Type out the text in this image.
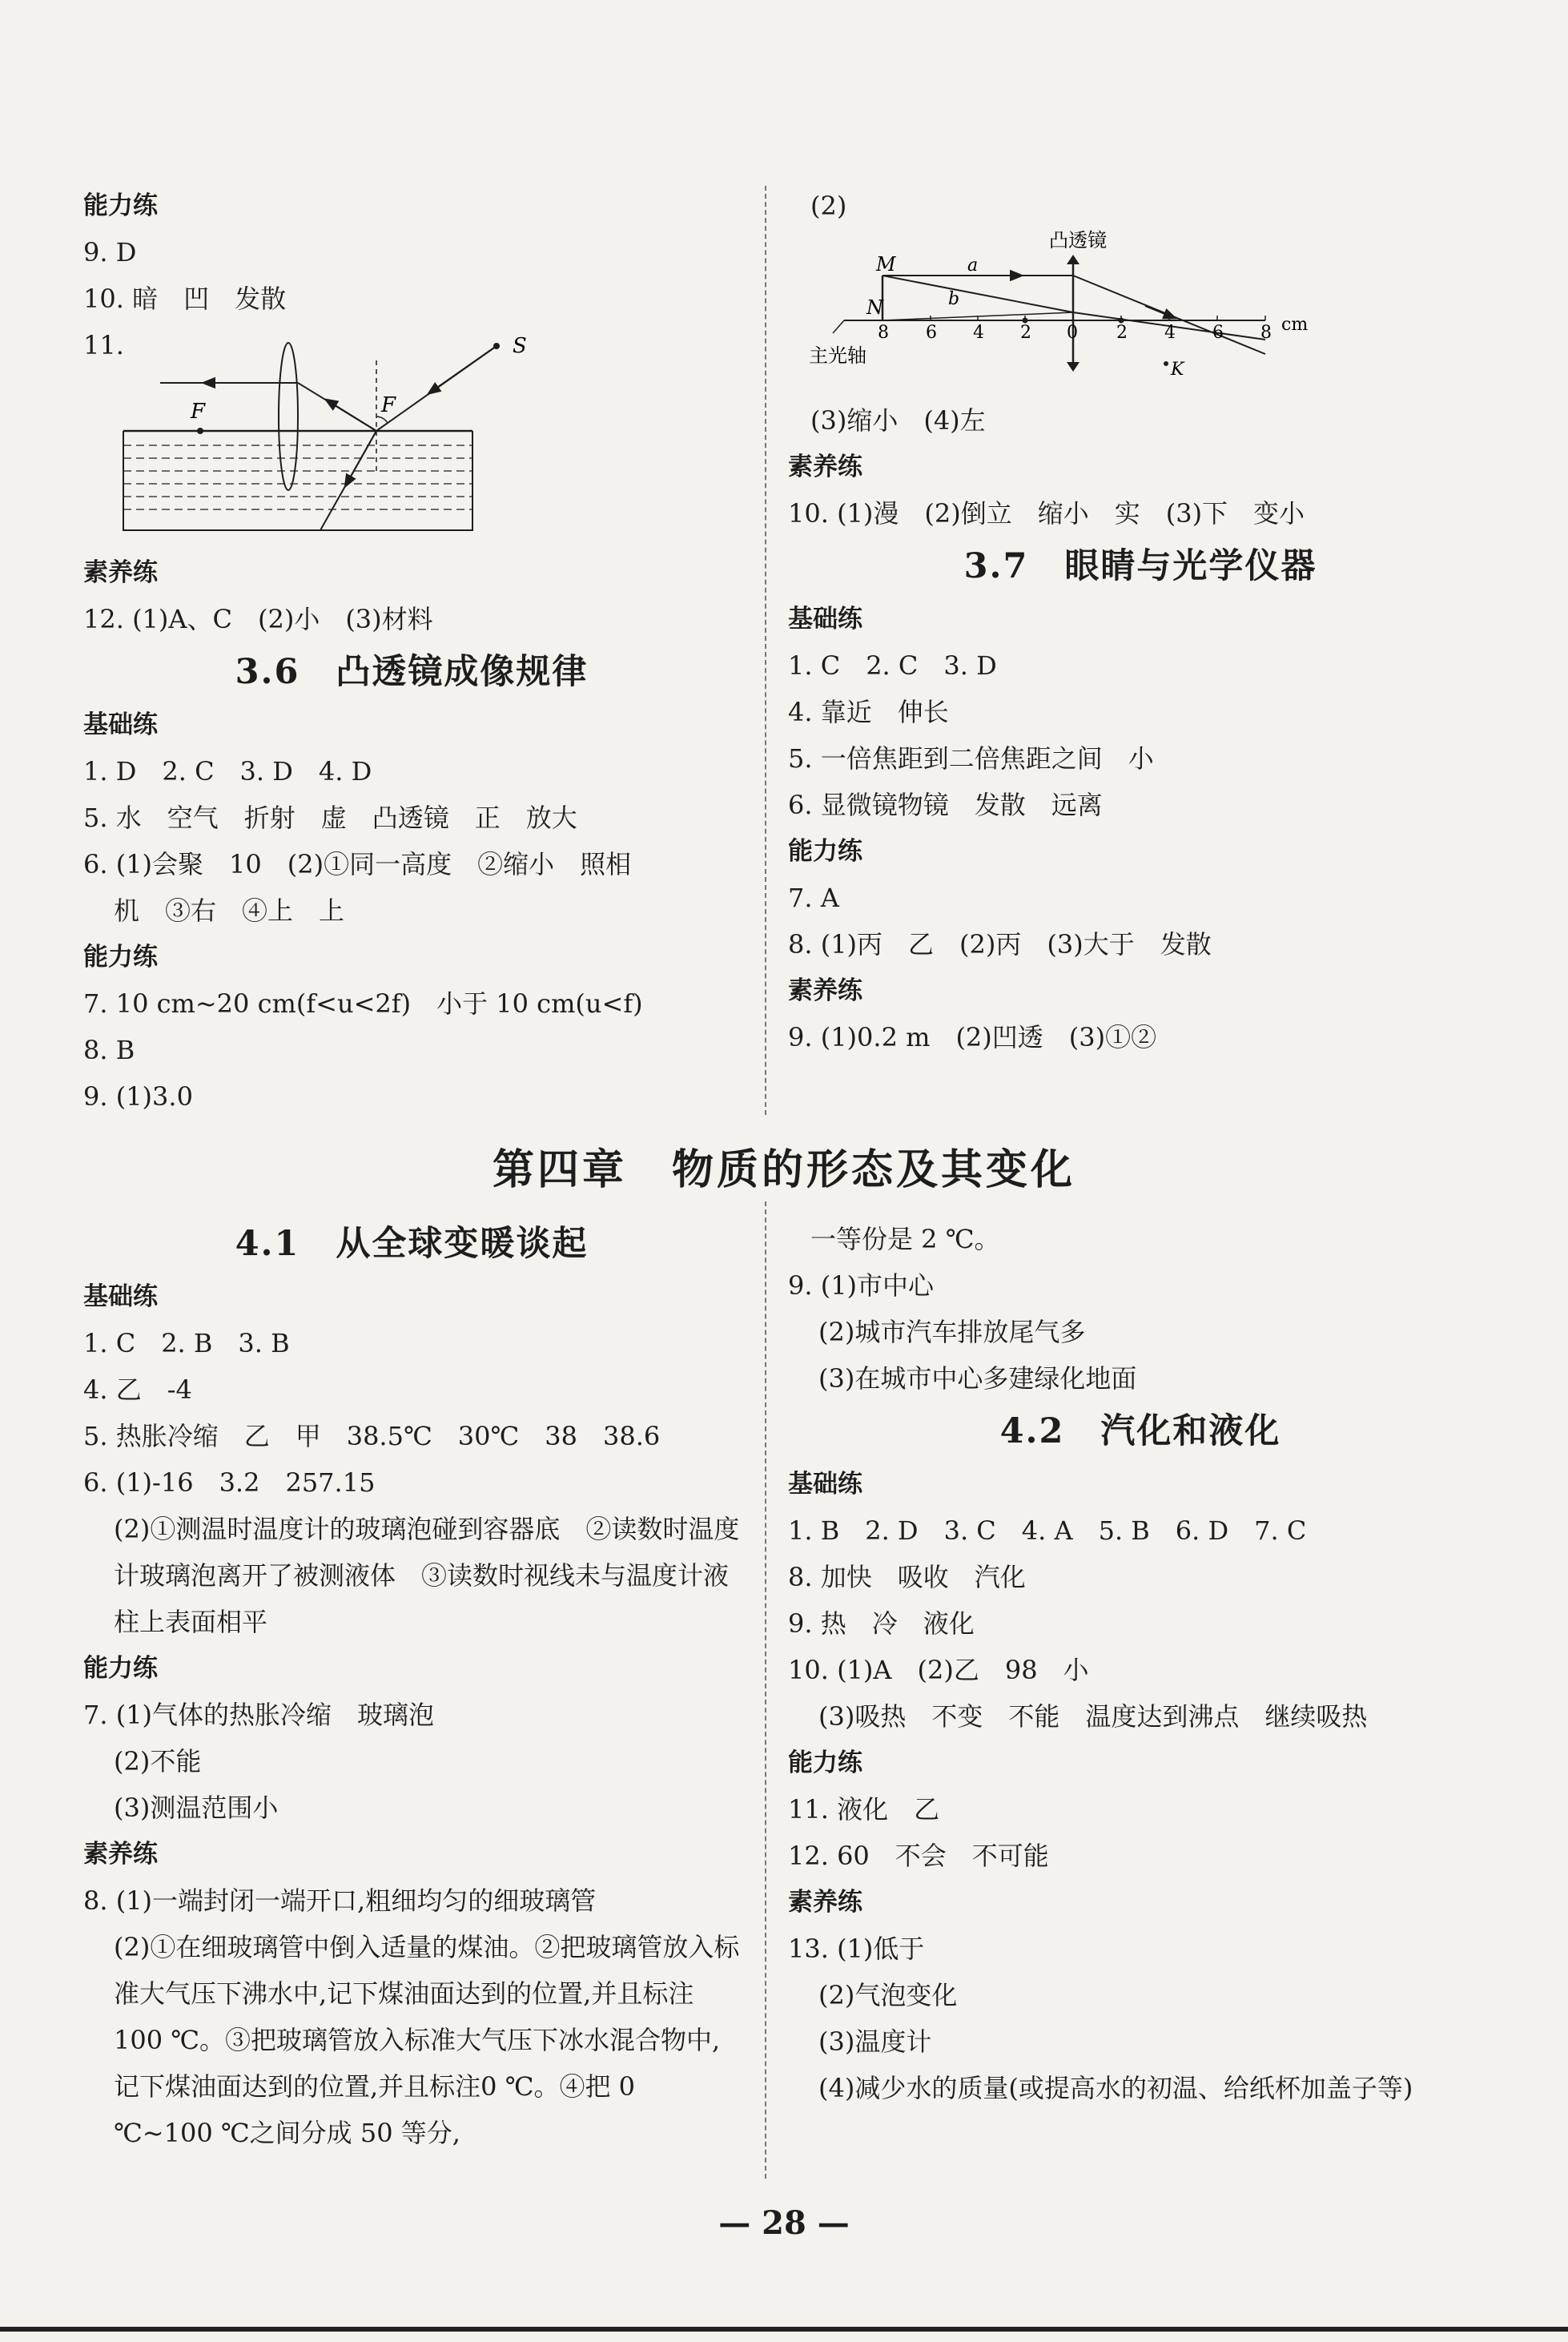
能力练

9. D

10. 暗　凹　发散

11.

F	F
S

素养练

12. (1)A、C　(2)小　(3)材料

3.6　凸透镜成像规律

基础练

1. D　2. C　3. D　4. D

5. 水　空气　折射　虚　凸透镜　正　放大

6. (1)会聚　10　(2)①同一高度　②缩小　照相

机　③右　④上　上

能力练

7. 10 cm~20 cm(f<u<2f)　小于 10 cm(u<f)

8. B

9. (1)3.0

(2)

凸透镜
8 6 4 2 0 2 4 6 8 cm
M
N
a
b
K
主光轴

(3)缩小　(4)左

素养练

10. (1)漫　(2)倒立　缩小　实　(3)下　变小

3.7　眼睛与光学仪器

基础练

1. C　2. C　3. D

4. 靠近　伸长

5. 一倍焦距到二倍焦距之间　小

6. 显微镜物镜　发散　远离

能力练

7. A

8. (1)丙　乙　(2)丙　(3)大于　发散

素养练

9. (1)0.2 m　(2)凹透　(3)①②

第四章　物质的形态及其变化

4.1　从全球变暖谈起

基础练

1. C　2. B　3. B

4. 乙　-4

5. 热胀冷缩　乙　甲　38.5℃　30℃　38　38.6

6. (1)-16　3.2　257.15

(2)①测温时温度计的玻璃泡碰到容器底　②读数时温度计玻璃泡离开了被测液体　③读数时视线未与温度计液柱上表面相平

能力练

7. (1)气体的热胀冷缩　玻璃泡

(2)不能

(3)测温范围小

素养练

8. (1)一端封闭一端开口,粗细均匀的细玻璃管

(2)①在细玻璃管中倒入适量的煤油。②把玻璃管放入标准大气压下沸水中,记下煤油面达到的位置,并且标注 100 ℃。③把玻璃管放入标准大气压下冰水混合物中,记下煤油面达到的位置,并且标注0 ℃。④把 0 ℃~100 ℃之间分成 50 等分,

一等份是 2 ℃。

9. (1)市中心

(2)城市汽车排放尾气多

(3)在城市中心多建绿化地面

4.2　汽化和液化

基础练

1. B　2. D　3. C　4. A　5. B　6. D　7. C

8. 加快　吸收　汽化

9. 热　冷　液化

10. (1)A　(2)乙　98　小

(3)吸热　不变　不能　温度达到沸点　继续吸热

能力练

11. 液化　乙

12. 60　不会　不可能

素养练

13. (1)低于

(2)气泡变化

(3)温度计

(4)减少水的质量(或提高水的初温、给纸杯加盖子等)

— 28 —
